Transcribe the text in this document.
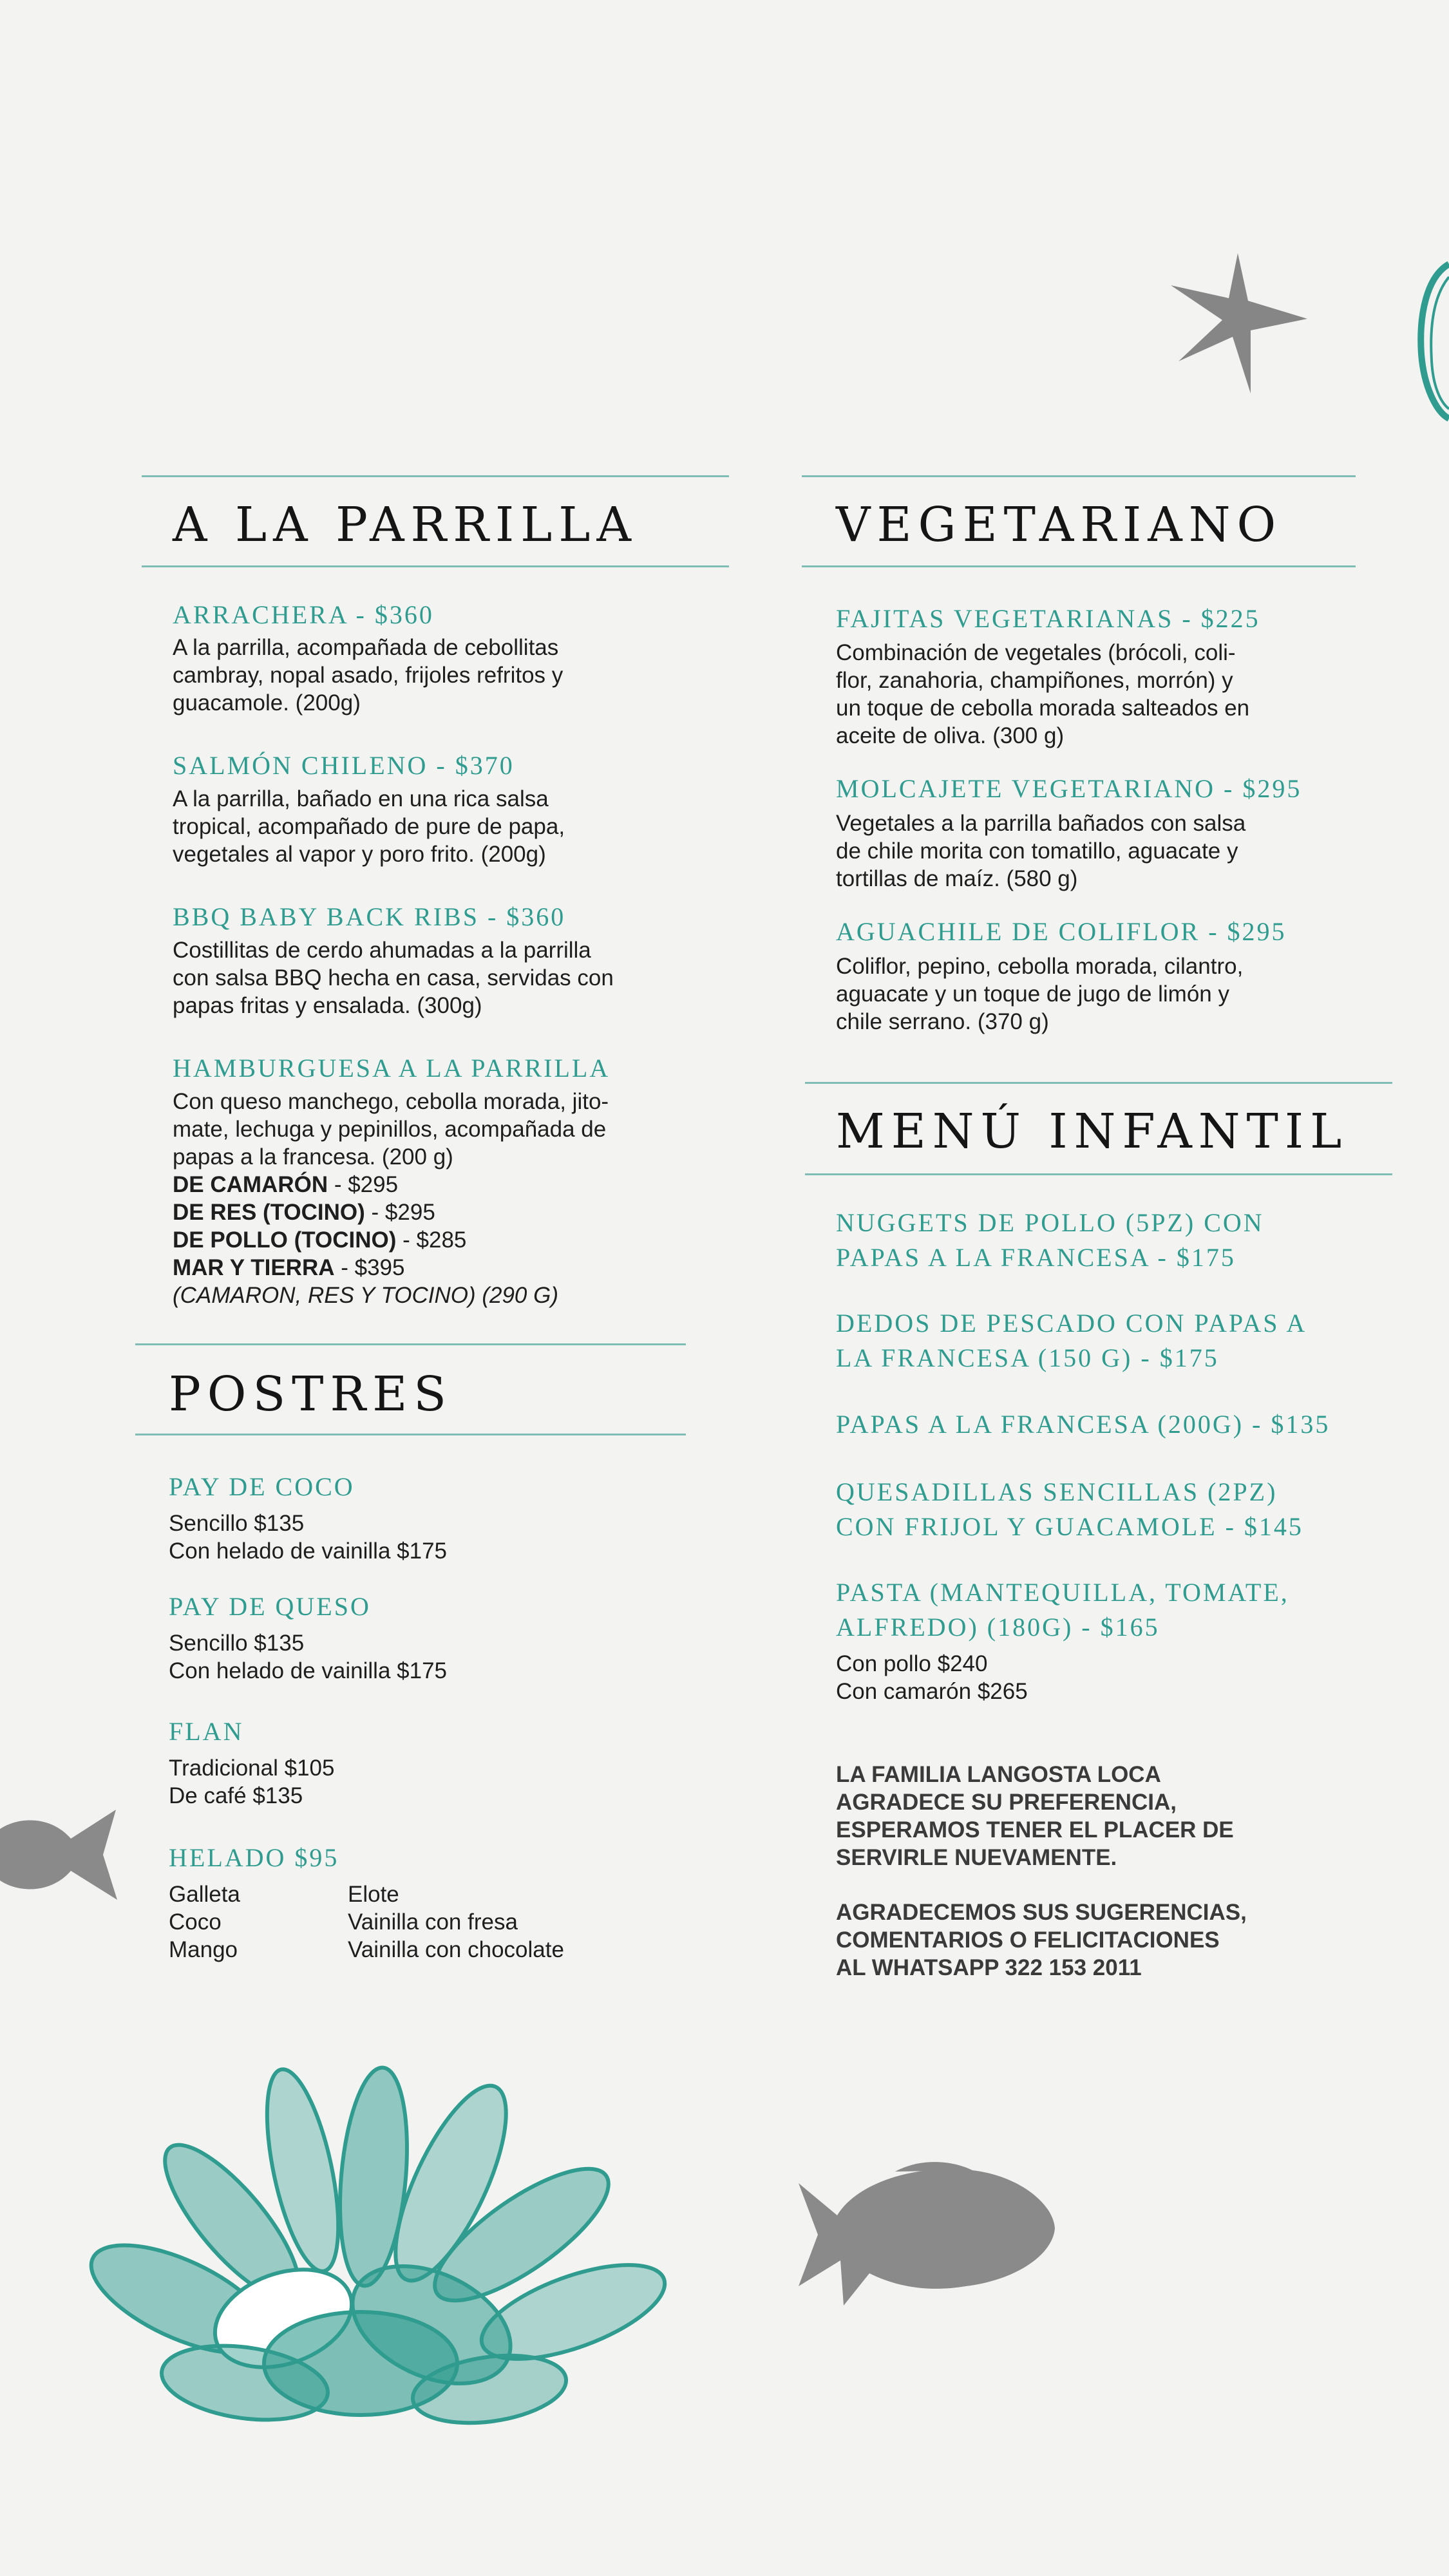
A LA PARRILLA
ARRACHERA - $360
A la parrilla, acompañada de cebollitas
cambray, nopal asado, frijoles refritos y
guacamole. (200g)
SALMÓN CHILENO - $370
A la parrilla, bañado en una rica salsa
tropical, acompañado de pure de papa,
vegetales al vapor y poro frito. (200g)
BBQ BABY BACK RIBS - $360
Costillitas de cerdo ahumadas a la parrilla
con salsa BBQ hecha en casa, servidas con
papas fritas y ensalada. (300g)
HAMBURGUESA A LA PARRILLA
Con queso manchego, cebolla morada, jito-
mate, lechuga y pepinillos, acompañada de
papas a la francesa. (200 g)
DE CAMARÓN - $295
DE RES (TOCINO) - $295
DE POLLO (TOCINO) - $285
MAR Y TIERRA - $395
(CAMARON, RES Y TOCINO) (290 G)
POSTRES
PAY DE COCO
Sencillo $135
Con helado de vainilla $175
PAY DE QUESO
Sencillo $135
Con helado de vainilla $175
FLAN
Tradicional $105
De café $135
HELADO $95
Galleta
Coco
Mango
Elote
Vainilla con fresa
Vainilla con chocolate
VEGETARIANO
FAJITAS VEGETARIANAS - $225
Combinación de vegetales (brócoli, coli-
flor, zanahoria, champiñones, morrón) y
un toque de cebolla morada salteados en
aceite de oliva. (300 g)
MOLCAJETE VEGETARIANO - $295
Vegetales a la parrilla bañados con salsa
de chile morita con tomatillo, aguacate y
tortillas de maíz. (580 g)
AGUACHILE DE COLIFLOR - $295
Coliflor, pepino, cebolla morada, cilantro,
aguacate y un toque de jugo de limón y
chile serrano. (370 g)
MENÚ INFANTIL
NUGGETS DE POLLO (5PZ) CON
PAPAS A LA FRANCESA - $175
DEDOS DE PESCADO CON PAPAS A
LA FRANCESA (150 G) - $175
PAPAS A LA FRANCESA (200G) - $135
QUESADILLAS SENCILLAS (2PZ)
CON FRIJOL Y GUACAMOLE - $145
PASTA (MANTEQUILLA, TOMATE,
ALFREDO) (180G) - $165
Con pollo $240
Con camarón $265
LA FAMILIA LANGOSTA LOCA
AGRADECE SU PREFERENCIA,
ESPERAMOS TENER EL PLACER DE
SERVIRLE NUEVAMENTE.
AGRADECEMOS SUS SUGERENCIAS,
COMENTARIOS O FELICITACIONES
AL WHATSAPP 322 153 2011
